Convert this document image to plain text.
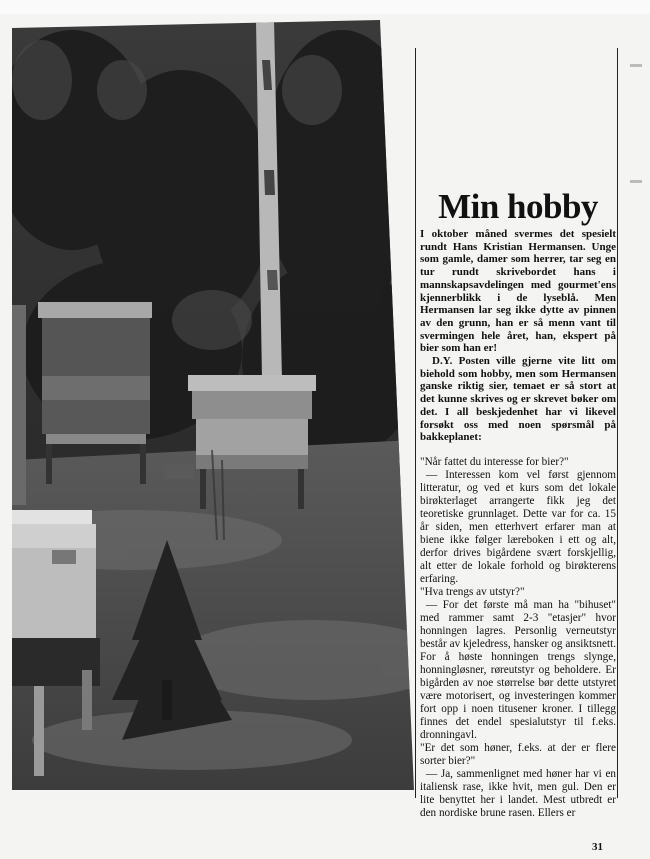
Min hobby

I oktober måned svermes det spesielt rundt Hans Kristian Hermansen. Unge som gamle, damer som herrer, tar seg en tur rundt skrivebordet hans i mannskapsavdelingen med gourmet'ens kjennerblikk i de lyseblå. Men Hermansen lar seg ikke dytte av pinnen av den grunn, han er så menn vant til svermingen hele året, han, ekspert på bier som han er!

D.Y. Posten ville gjerne vite litt om biehold som hobby, men som Hermansen ganske riktig sier, temaet er så stort at det kunne skrives og er skrevet bøker om det. I all beskjedenhet har vi likevel forsøkt oss med noen spørsmål på bakkeplanet:

"Når fattet du interesse for bier?"

— Interessen kom vel først gjennom litteratur, og ved et kurs som det lokale birøkterlaget arrangerte fikk jeg det teoretiske grunnlaget. Dette var for ca. 15 år siden, men etterhvert erfarer man at biene ikke følger læreboken i ett og alt, derfor drives bigårdene svært forskjellig, alt etter de lokale forhold og birøkterens erfaring.

"Hva trengs av utstyr?"

— For det første må man ha "bihuset" med rammer samt 2-3 "etasjer" hvor honningen lagres. Personlig verneutstyr består av kjeledress, hansker og ansiktsnett. For å høste honningen trengs slynge, honningløsner, røreutstyr og beholdere. Er bigården av noe størrelse bør dette utstyret være motorisert, og investeringen kommer fort opp i noen titusener kroner. I tillegg finnes det endel spesialutstyr til f.eks. dronningavl.

"Er det som høner, f.eks. at der er flere sorter bier?"

— Ja, sammenlignet med høner har vi en italiensk rase, ikke hvit, men gul. Den er lite benyttet her i landet. Mest utbredt er den nordiske brune rasen. Ellers er

31
